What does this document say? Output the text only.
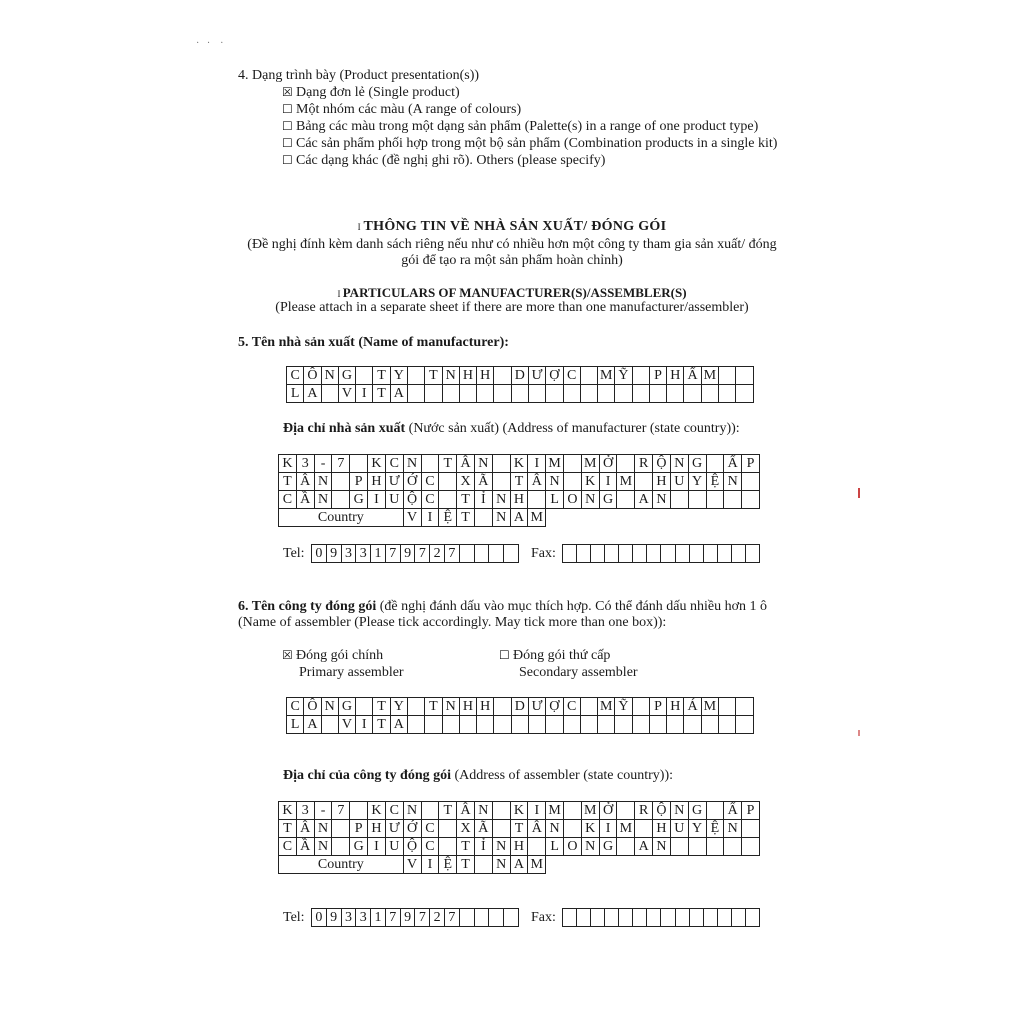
·   ·    ·
4. Dạng trình bày (Product presentation(s))
☒ Dạng đơn lẻ (Single product)
☐ Một nhóm các màu (A range of colours)
☐ Bảng các màu trong một dạng sản phẩm (Palette(s) in a range of one product type)
☐ Các sản phẩm phối hợp trong một bộ sản phẩm (Combination products in a single kit)
☐ Các dạng khác (đề nghị ghi rõ). Others (please specify)
I THÔNG TIN VỀ NHÀ SẢN XUẤT/ ĐÓNG GÓI
(Đề nghị đính kèm danh sách riêng nếu như có nhiều hơn một công ty tham gia sản xuất/ đóng
gói để tạo ra một sản phẩm hoàn chỉnh)
I PARTICULARS OF MANUFACTURER(S)/ASSEMBLER(S)
(Please attach in a separate sheet if there are more than one manufacturer/assembler)
5. Tên nhà sản xuất (Name of manufacturer):
C	Ô	N	G		T	Y		T	N	H	H		D	Ư	Ợ	C		M	Ỹ		P	H	Ẩ	M		
L	A		V	I	T	A																				
Địa chỉ nhà sản xuất (Nước sản xuất) (Address of manufacturer (state country)):
K	3	-	7		K	C	N		T	Â	N		K	I	M		M	Ở		R	Ộ	N	G		Ấ	P
T	Â	N		P	H	Ư	Ớ	C		X	Ã		T	Â	N		K	I	M		H	U	Y	Ệ	N	
C	Ầ	N		G	I	U	Ộ	C		T	Ỉ	N	H		L	O	N	G		A	N					
Country							V	I	Ệ	T		N	A	M												
Tel: 0	9	3	3	1	7	9	7	2	7					Fax:

6. Tên công ty đóng gói (đề nghị đánh dấu vào mục thích hợp. Có thể đánh dấu nhiều hơn 1 ô
(Name of assembler (Please tick accordingly. May tick more than one box)):
☒ Đóng gói chính
Primary assembler
☐ Đóng gói thứ cấp
Secondary assembler
C	Ô	N	G		T	Y		T	N	H	H		D	Ư	Ợ	C		M	Ỹ		P	H	Á	M		
L	A		V	I	T	A																				
Địa chỉ của công ty đóng gói (Address of assembler (state country)):
K	3	-	7		K	C	N		T	Â	N		K	I	M		M	Ở		R	Ộ	N	G		Ấ	P
T	Â	N		P	H	Ư	Ớ	C		X	Ã		T	Â	N		K	I	M		H	U	Y	Ệ	N	
C	Ầ	N		G	I	U	Ộ	C		T	Ỉ	N	H		L	O	N	G		A	N					
Country							V	I	Ệ	T		N	A	M												
Tel: 0	9	3	3	1	7	9	7	2	7					Fax:
